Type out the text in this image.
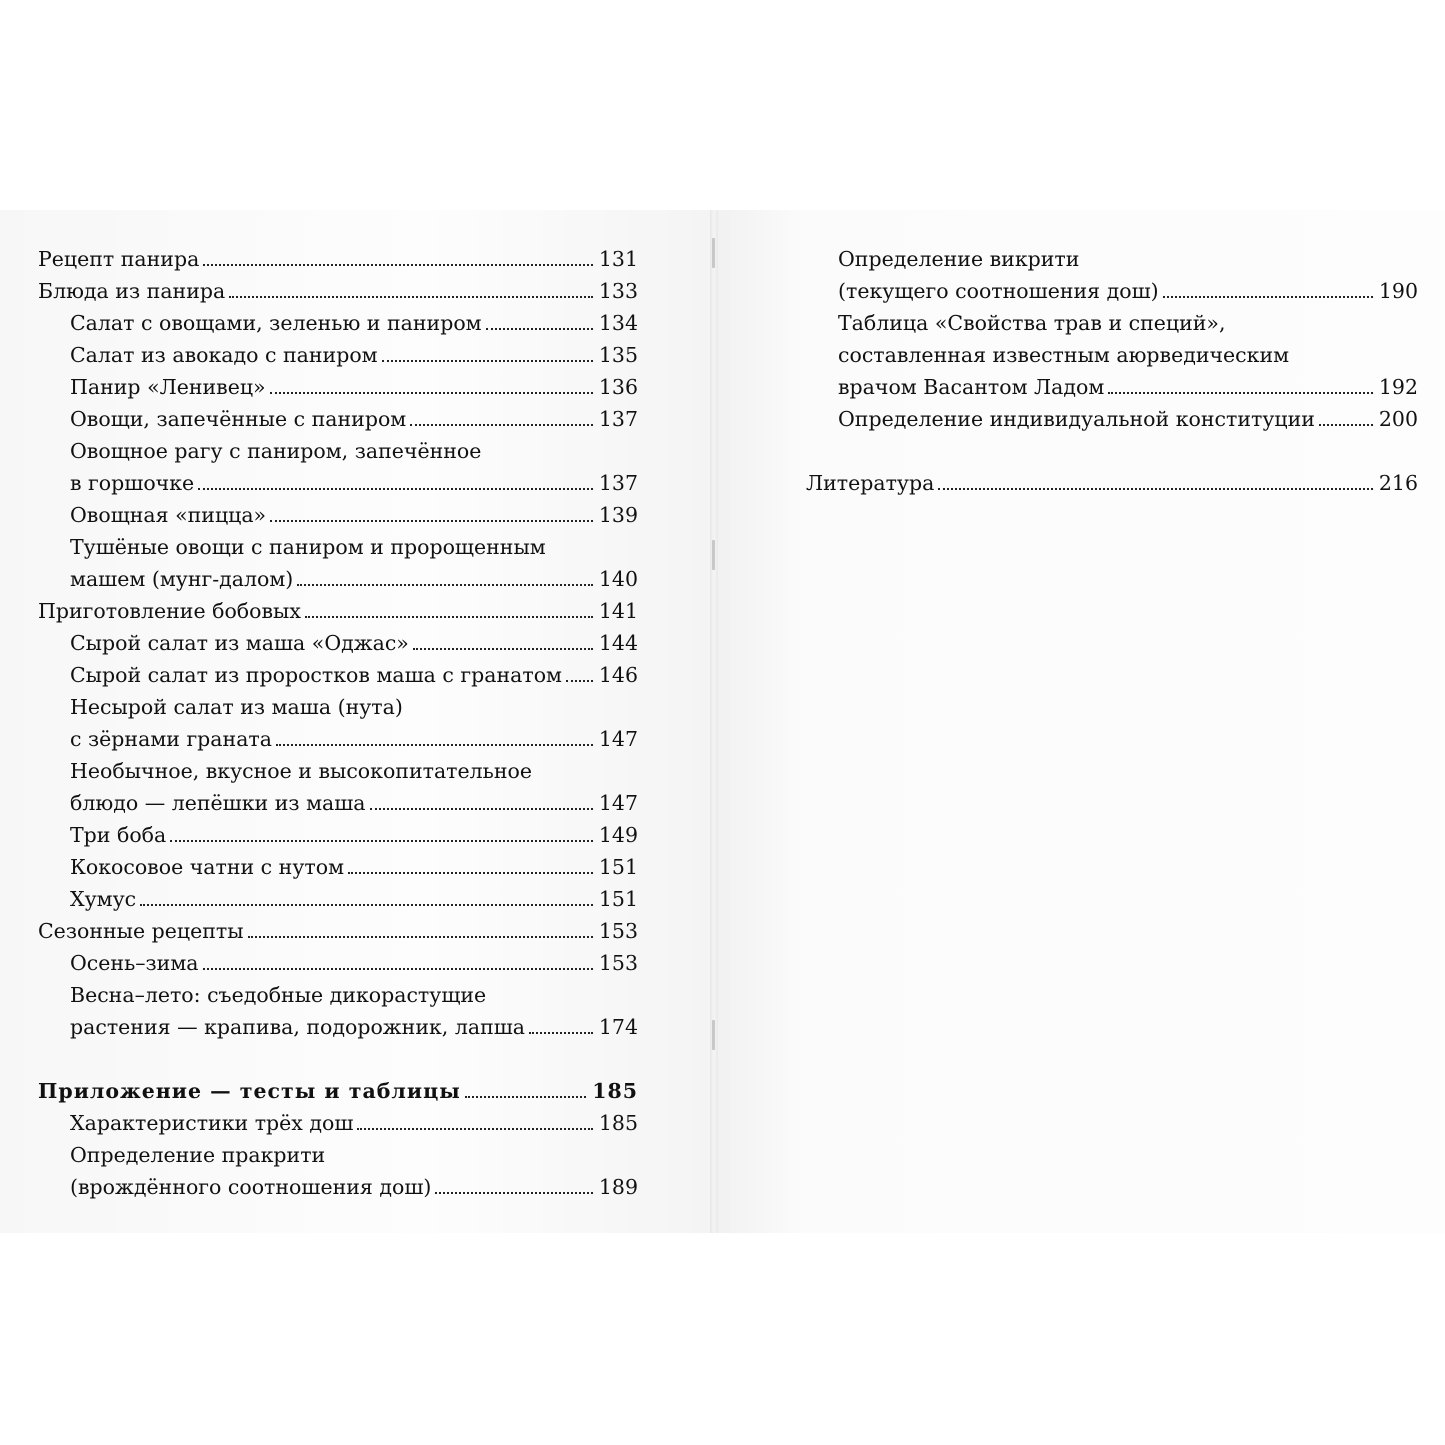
Рецепт панира	131
Блюда из панира	133
Салат с овощами, зеленью и паниром	134
Салат из авокадо с паниром	135
Панир «Ленивец»	136
Овощи, запечённые с паниром	137
Овощное рагу с паниром, запечённое
в горшочке	137
Овощная «пицца»	139
Тушёные овощи с паниром и пророщенным
машем (мунг-далом)	140
Приготовление бобовых	141
Сырой салат из маша «Оджас»	144
Сырой салат из проростков маша с гранатом 146
Несырой салат из маша (нута)
с зёрнами граната	147
Необычное, вкусное и высокопитательное
блюдо — лепёшки из маша	147
Три боба	149
Кокосовое чатни с нутом	151
Хумус	151
Сезонные рецепты	153
Осень–зима	153
Весна–лето: съедобные дикорастущие
растения — крапива, подорожник, лапша	174
Приложение — тесты и таблицы	185
Характеристики трёх дош	185
Определение пракрити
(врождённого соотношения дош)	189
Определение викрити
(текущего соотношения дош)	190
Таблица «Свойства трав и специй»,
составленная известным аюрведическим
врачом Васантом Ладом	192
Определение индивидуальной конституции	200
Литература	216
